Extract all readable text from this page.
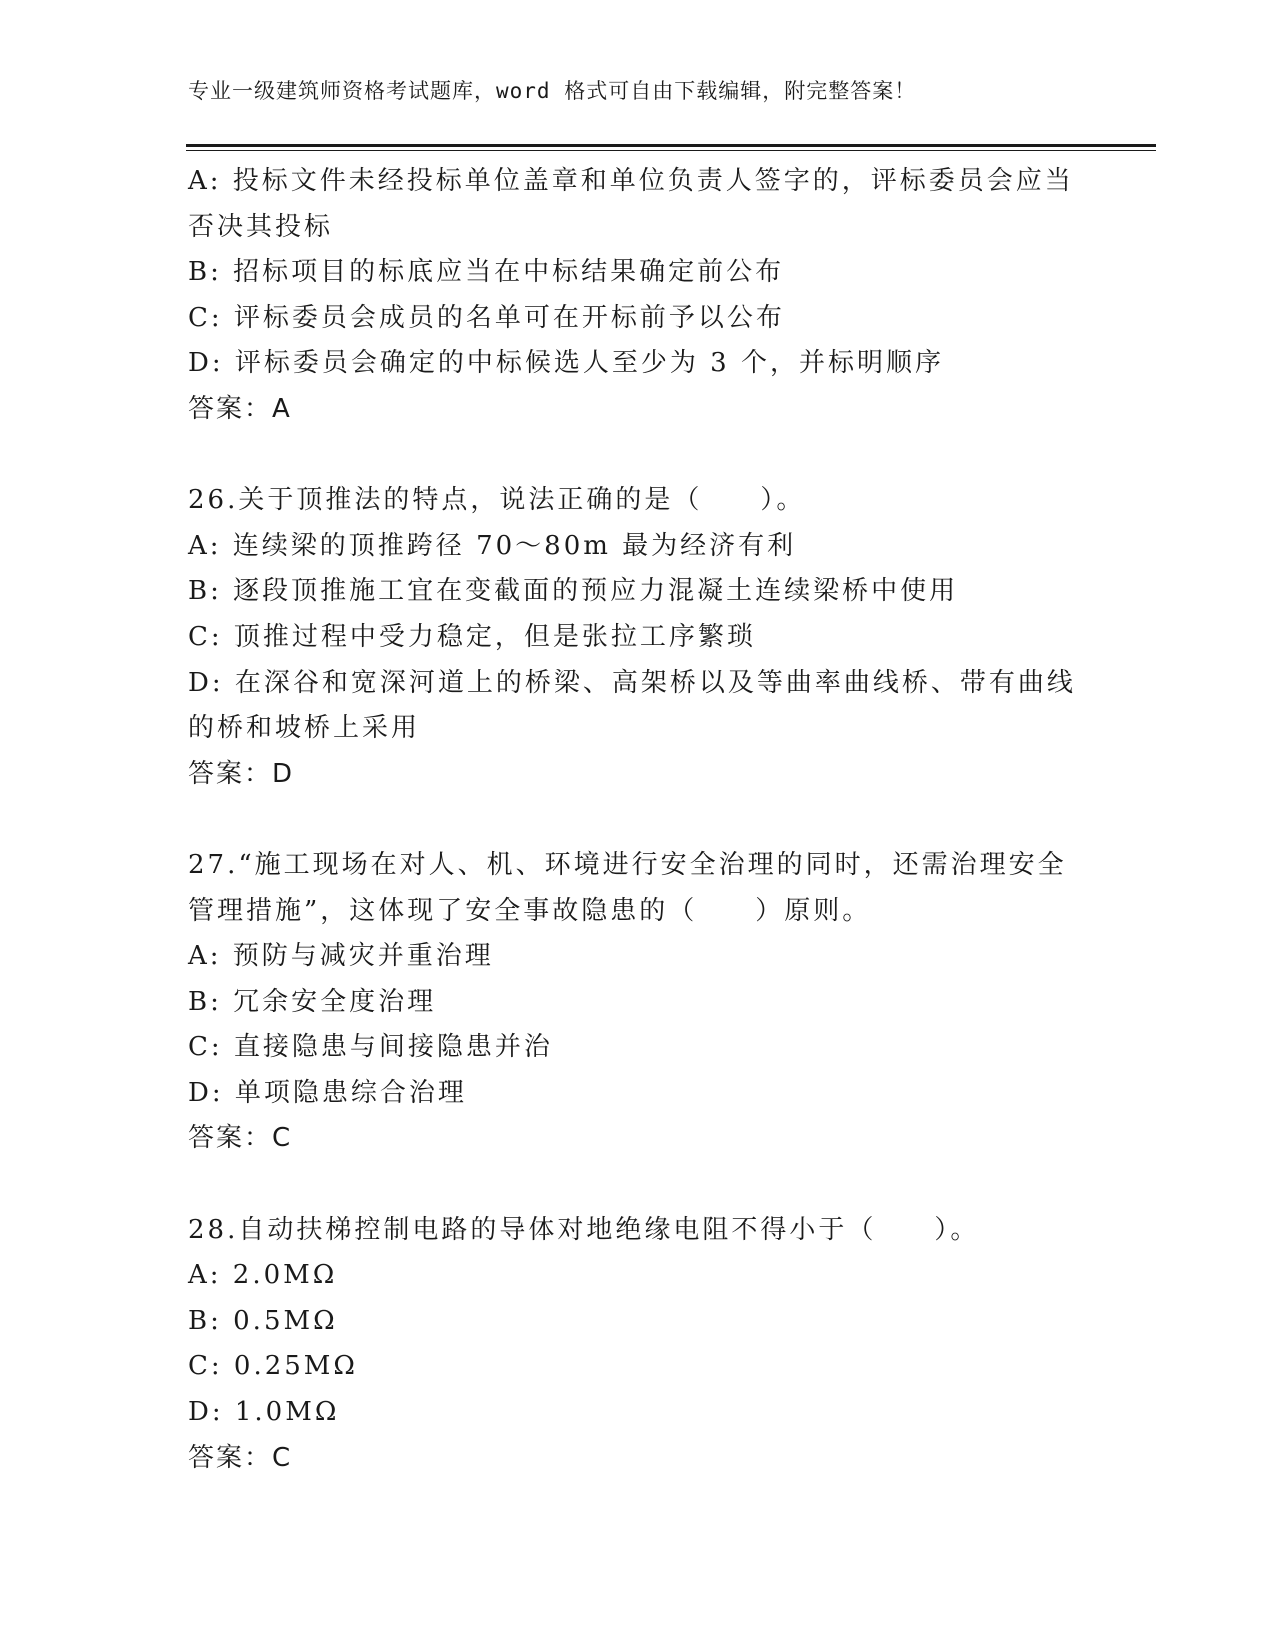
专业一级建筑师资格考试题库，word 格式可自由下载编辑，附完整答案！
A: 投标文件未经投标单位盖章和单位负责人签字的，评标委员会应当
否决其投标
B: 招标项目的标底应当在中标结果确定前公布
C: 评标委员会成员的名单可在开标前予以公布
D: 评标委员会确定的中标候选人至少为 3 个，并标明顺序
答案：A
26.关于顶推法的特点，说法正确的是（　　）。
A: 连续梁的顶推跨径 70～80m 最为经济有利
B: 逐段顶推施工宜在变截面的预应力混凝土连续梁桥中使用
C: 顶推过程中受力稳定，但是张拉工序繁琐
D: 在深谷和宽深河道上的桥梁、高架桥以及等曲率曲线桥、带有曲线
的桥和坡桥上采用
答案：D
27.“施工现场在对人、机、环境进行安全治理的同时，还需治理安全
管理措施”，这体现了安全事故隐患的（　　）原则。
A: 预防与减灾并重治理
B: 冗余安全度治理
C: 直接隐患与间接隐患并治
D: 单项隐患综合治理
答案：C
28.自动扶梯控制电路的导体对地绝缘电阻不得小于（　　）。
A: 2.0MΩ
B: 0.5MΩ
C: 0.25MΩ
D: 1.0MΩ
答案：C
